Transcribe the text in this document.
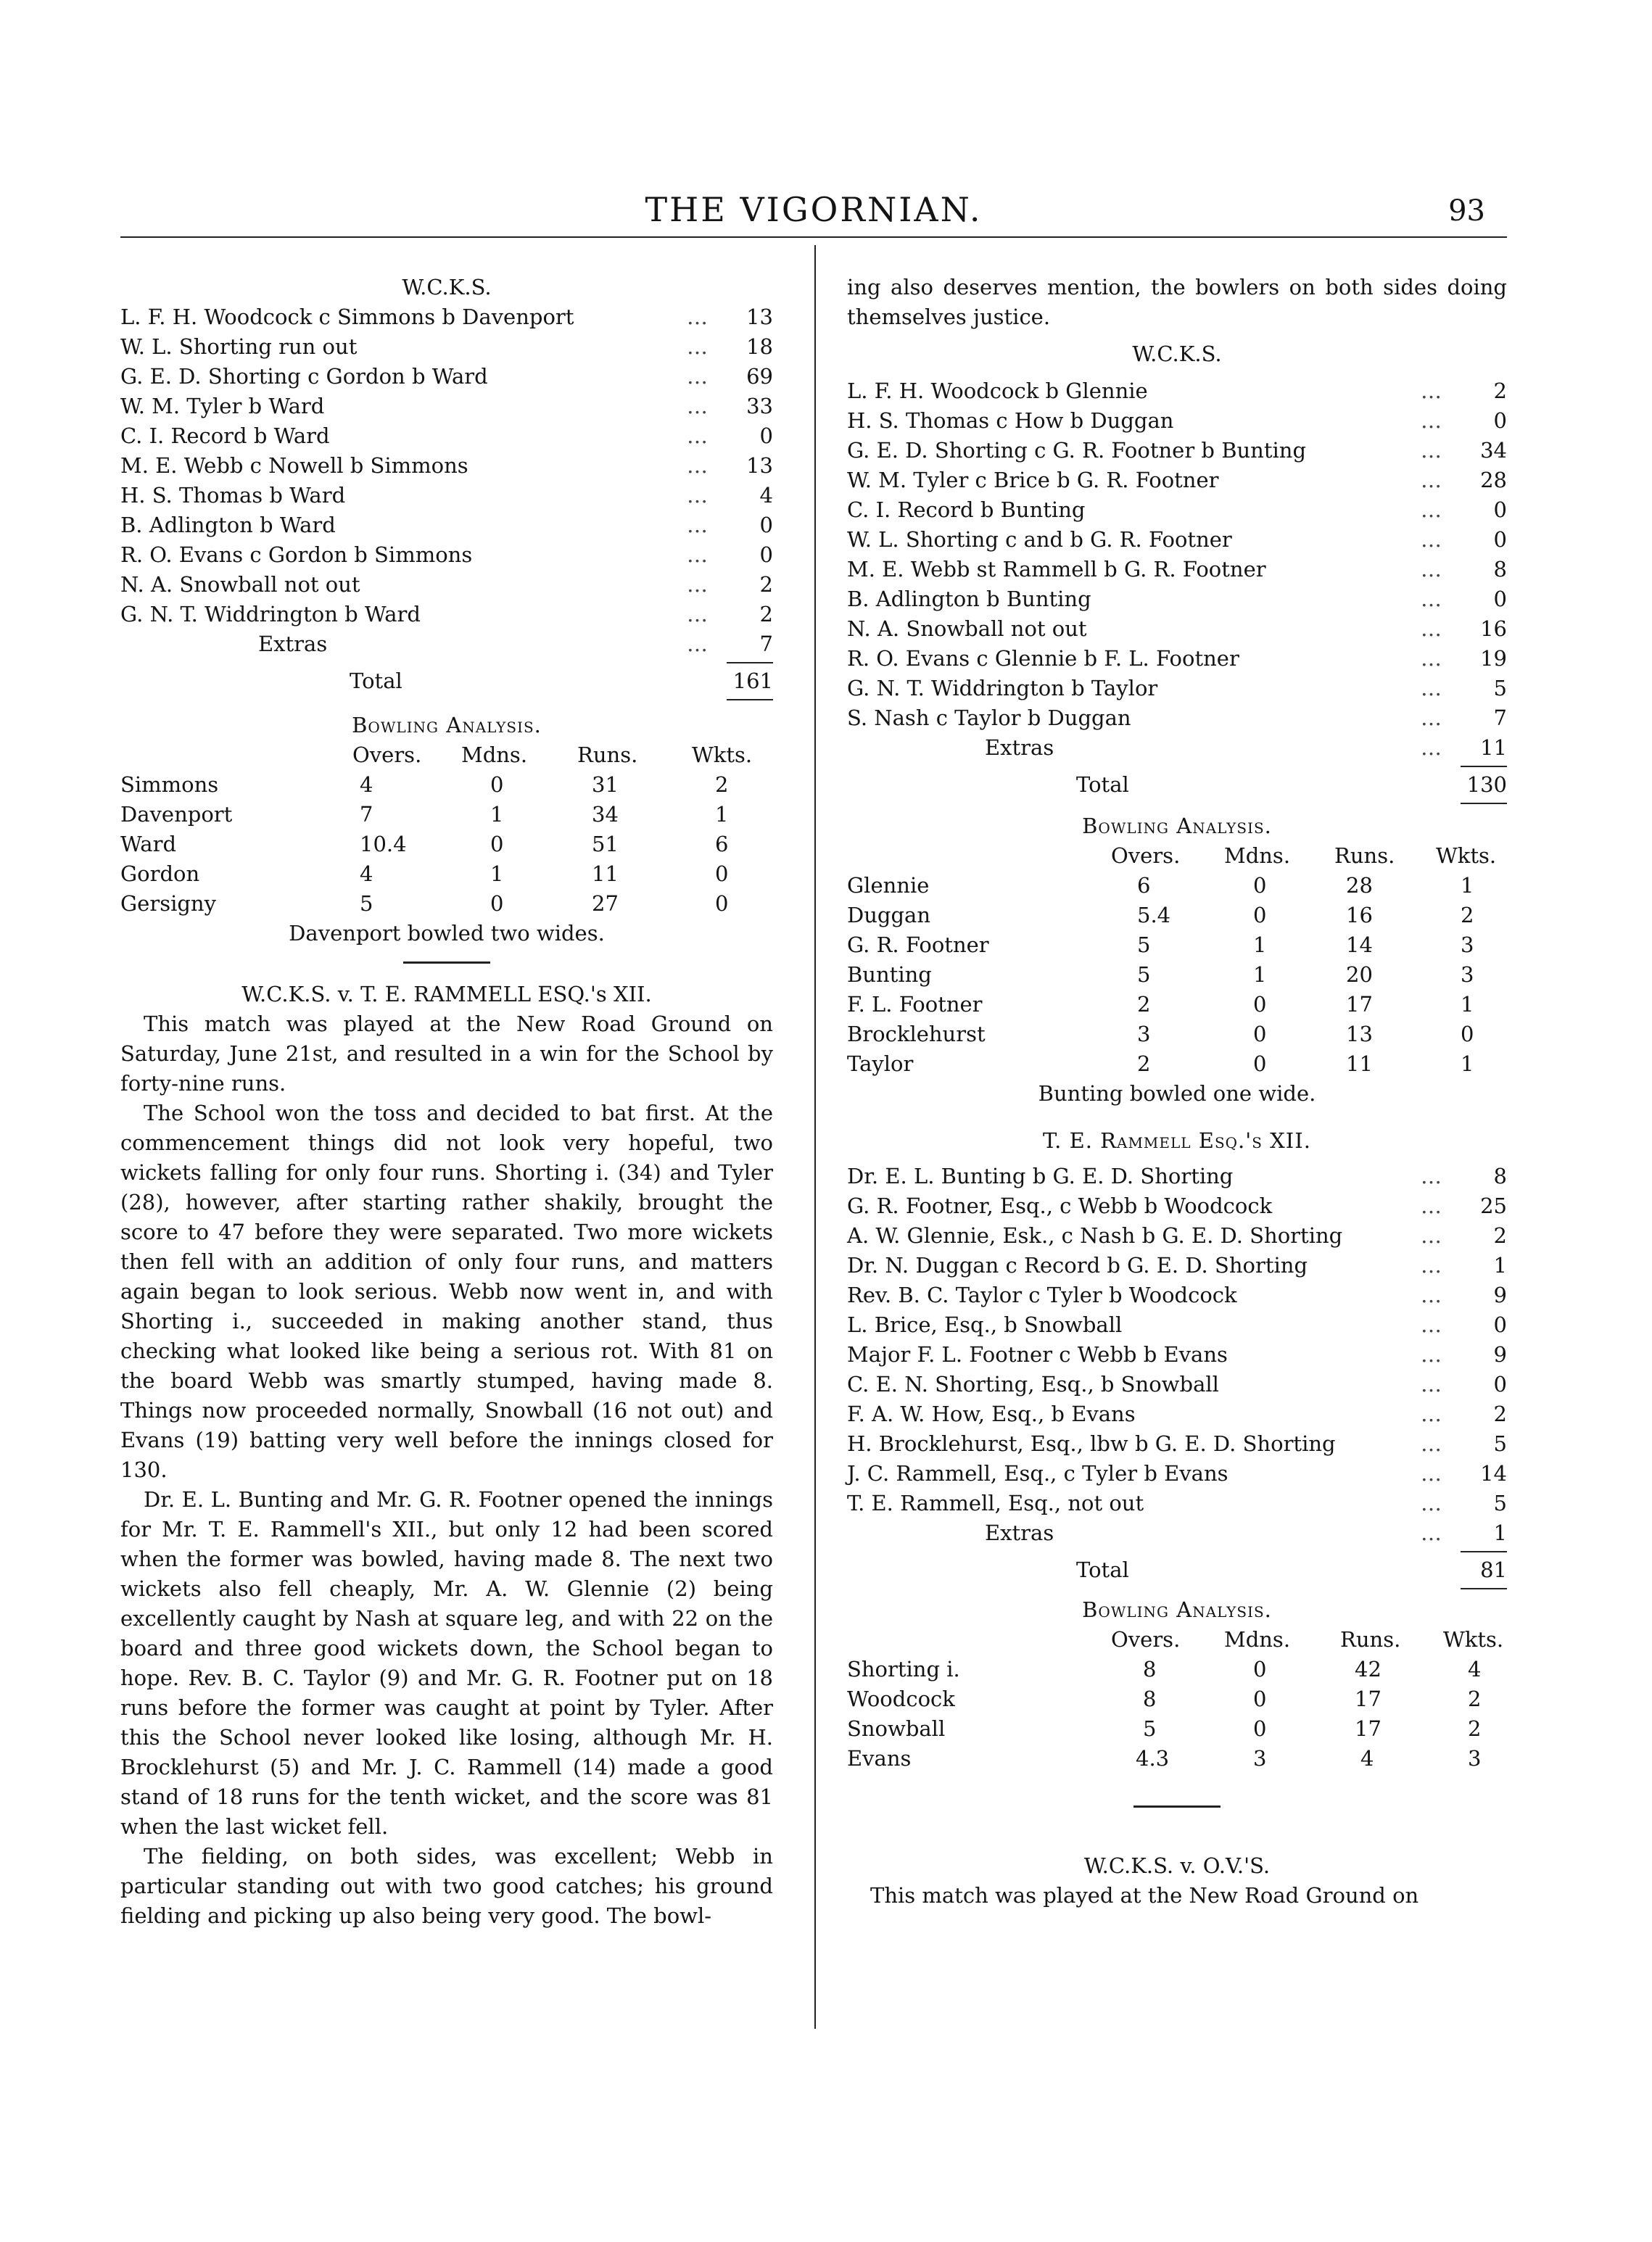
THE VIGORNIAN.	93
W.C.K.S.
L. F. H. Woodcock c Simmons b Davenport	… 13
W. L. Shorting run out	… 18
G. E. D. Shorting c Gordon b Ward	… 69
W. M. Tyler b Ward	… 33
C. I. Record b Ward	… 0
M. E. Webb c Nowell b Simmons	… 13
H. S. Thomas b Ward	… 4
B. Adlington b Ward	… 0
R. O. Evans c Gordon b Simmons	… 0
N. A. Snowball not out	… 2
G. N. T. Widdrington b Ward	… 2
Extras	… 7
Total	161
Bowling Analysis.
Overs. Mdns. Runs.	Wkts.
Simmons	4	0	31	2
Davenport	7	1	34	1
Ward	10.4	0	51	6
Gordon	4	1	11	0
Gersigny	5	0	27	0
Davenport bowled two wides.
W.C.K.S. v. T. E. RAMMELL ESQ.'s XII.

This match was played at the New Road Ground on Saturday, June 21st, and resulted in a win for the School by forty-nine runs.

The School won the toss and decided to bat first. At the commencement things did not look very hopeful, two wickets falling for only four runs. Shorting i. (34) and Tyler (28), however, after starting rather shakily, brought the score to 47 before they were separated. Two more wickets then fell with an addition of only four runs, and matters again began to look serious. Webb now went in, and with Shorting i., succeeded in making another stand, thus checking what looked like being a serious rot. With 81 on the board Webb was smartly stumped, having made 8. Things now proceeded normally, Snowball (16 not out) and Evans (19) batting very well before the innings closed for 130.

Dr. E. L. Bunting and Mr. G. R. Footner opened the innings for Mr. T. E. Rammell's XII., but only 12 had been scored when the former was bowled, having made 8. The next two wickets also fell cheaply, Mr. A. W. Glennie (2) being excellently caught by Nash at square leg, and with 22 on the board and three good wickets down, the School began to hope. Rev. B. C. Taylor (9) and Mr. G. R. Footner put on 18 runs before the former was caught at point by Tyler. After this the School never looked like losing, although Mr. H. Brocklehurst (5) and Mr. J. C. Rammell (14) made a good stand of 18 runs for the tenth wicket, and the score was 81 when the last wicket fell.

The fielding, on both sides, was excellent; Webb in particular standing out with two good catches; his ground fielding and picking up also being very good. The bowl-

ing also deserves mention, the bowlers on both sides doing themselves justice.

W.C.K.S.
L. F. H. Woodcock b Glennie	… 2
H. S. Thomas c How b Duggan	… 0
G. E. D. Shorting c G. R. Footner b Bunting	… 34
W. M. Tyler c Brice b G. R. Footner	… 28
C. I. Record b Bunting	… 0
W. L. Shorting c and b G. R. Footner	… 0
M. E. Webb st Rammell b G. R. Footner	… 8
B. Adlington b Bunting	… 0
N. A. Snowball not out	… 16
R. O. Evans c Glennie b F. L. Footner	… 19
G. N. T. Widdrington b Taylor	… 5
S. Nash c Taylor b Duggan	… 7
Extras	… 11
Total	130
Bowling Analysis.
Overs. Mdns. Runs. Wkts.
Glennie	6	0	28	1
Duggan	5.4	0	16	2
G. R. Footner	5	1	14	3
Bunting	5	1	20	3
F. L. Footner	2	0	17	1
Brocklehurst	3	0	13	0
Taylor	2	0	11	1
Bunting bowled one wide.
T. E. Rammell Esq.'s XII.
Dr. E. L. Bunting b G. E. D. Shorting	… 8
G. R. Footner, Esq., c Webb b Woodcock	… 25
A. W. Glennie, Esk., c Nash b G. E. D. Shorting	… 2
Dr. N. Duggan c Record b G. E. D. Shorting	… 1
Rev. B. C. Taylor c Tyler b Woodcock	… 9
L. Brice, Esq., b Snowball	… 0
Major F. L. Footner c Webb b Evans	… 9
C. E. N. Shorting, Esq., b Snowball	… 0
F. A. W. How, Esq., b Evans	… 2
H. Brocklehurst, Esq., lbw b G. E. D. Shorting	… 5
J. C. Rammell, Esq., c Tyler b Evans	… 14
T. E. Rammell, Esq., not out	… 5
Extras	… 1
Total	81
Bowling Analysis.
Overs. Mdns. Runs. Wkts.
Shorting i.	8	0	42	4
Woodcock	8	0	17	2
Snowball	5	0	17	2
Evans	4.3	3	4	3
W.C.K.S. v. O.V.'S.

This match was played at the New Road Ground on
